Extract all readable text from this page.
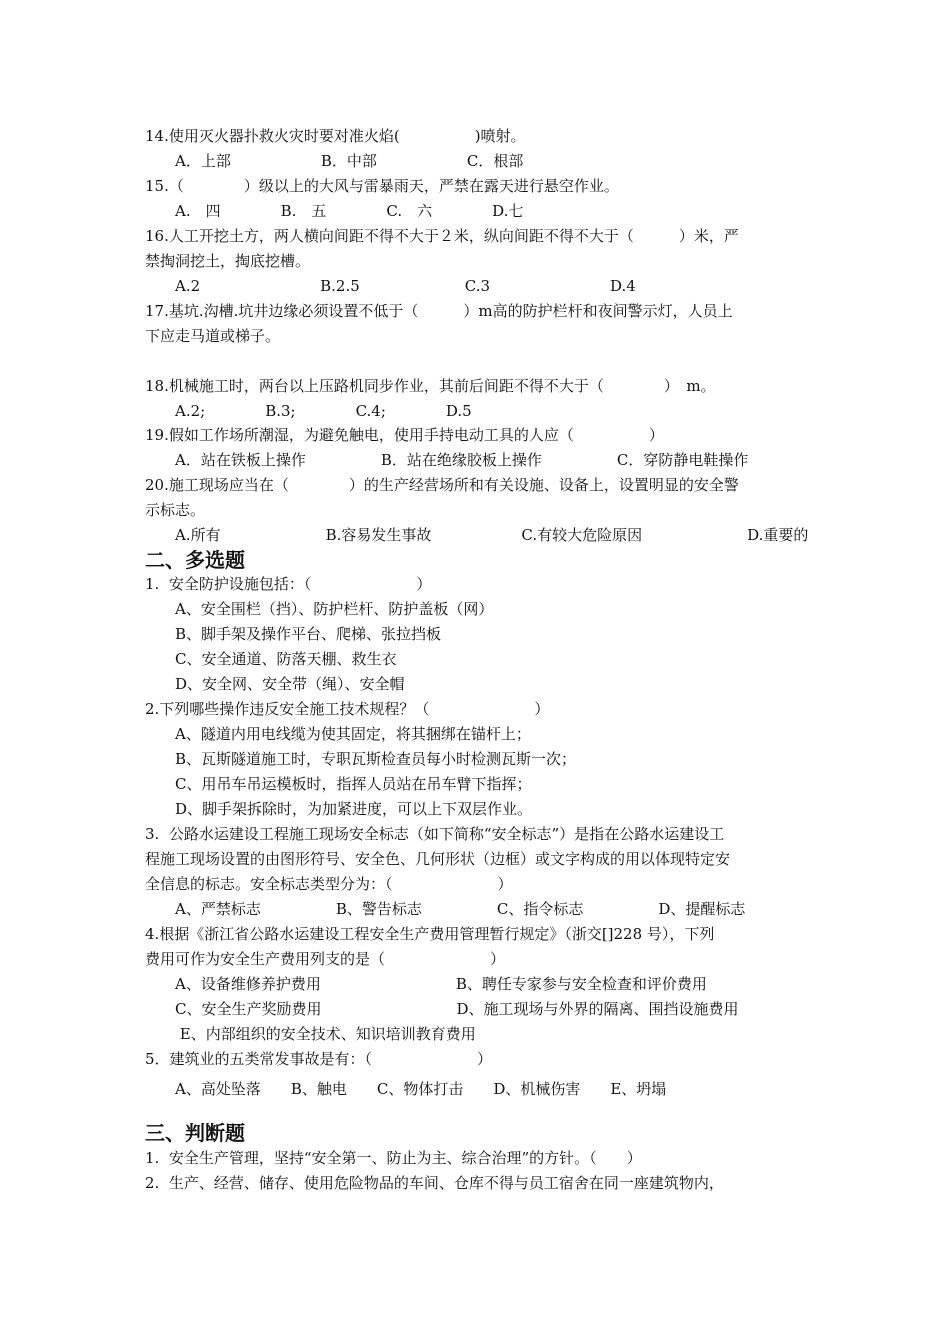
14.使用灭火器扑救火灾时要对准火焰(　　　　　)喷射。
　　A．上部　　　　　　B．中部　　　　　　C．根部
15.（　　　　）级以上的大风与雷暴雨天，严禁在露天进行悬空作业。
　　A.　四　　　　B.　五　　　　C.　六　　　　D.七
16.人工开挖土方，两人横向间距不得不大于２米，纵向间距不得不大于（　　　）米，严
禁掏洞挖土，掏底挖槽。
　　A.2　　　　　　　　B.2.5　　　　　　　C.3　　　　　　　　D.4
17.基坑.沟槽.坑井边缘必须设置不低于（　　　）m高的防护栏杆和夜间警示灯，人员上
下应走马道或梯子。
18.机械施工时，两台以上压路机同步作业，其前后间距不得不大于（　　　　）　m。
　　A.2;　　　　B.3;　　　　C.4;　　　　D.5
19.假如工作场所潮湿，为避免触电，使用手持电动工具的人应（　　　　　）
　　A．站在铁板上操作　　　　　B．站在绝缘胶板上操作　　　　　C．穿防静电鞋操作
20.施工现场应当在（　　　　）的生产经营场所和有关设施、设备上，设置明显的安全警
示标志。
　　A.所有　　　　　　　B.容易发生事故　　　　　　C.有较大危险原因　　　　　　　D.重要的
二、多选题
1.  安全防护设施包括：（　　　　　　　）
　　A、安全围栏（挡）、防护栏杆、防护盖板（网）
　　B、脚手架及操作平台、爬梯、张拉挡板
　　C、安全通道、防落天棚、救生衣
　　D、安全网、安全带（绳）、安全帽
2.下列哪些操作违反安全施工技术规程？（　　　　　　　）
　　A、隧道内用电线缆为使其固定，将其捆绑在锚杆上；
　　B、瓦斯隧道施工时，专职瓦斯检查员每小时检测瓦斯一次；
　　C、用吊车吊运模板时，指挥人员站在吊车臂下指挥；
　　D、脚手架拆除时，为加紧进度，可以上下双层作业。
3.  公路水运建设工程施工现场安全标志（如下简称“安全标志”）是指在公路水运建设工
程施工现场设置的由图形符号、安全色、几何形状（边框）或文字构成的用以体现特定安
全信息的标志。安全标志类型分为：（　　　　　　　）
　　A、严禁标志　　　　　B、警告标志　　　　　C、指令标志　　　　　D、提醒标志
4.根据《浙江省公路水运建设工程安全生产费用管理暂行规定》（浙交[]228 号），下列
费用可作为安全生产费用列支的是（　　　　　　　）
　　A、设备维修养护费用　　　　　　　　　B、聘任专家参与安全检查和评价费用
　　C、安全生产奖励费用　　　　　　　　　D、施工现场与外界的隔离、围挡设施费用
　　 E、内部组织的安全技术、知识培训教育费用
5．建筑业的五类常发事故是有：（　　　　　　　）
　　A、高处坠落　　B、触电　　C、物体打击　　D、机械伤害　　E、坍塌
三、判断题
1.  安全生产管理，坚持“安全第一、防止为主、综合治理”的方针。（　　）
2.  生产、经营、储存、使用危险物品的车间、仓库不得与员工宿舍在同一座建筑物内，
